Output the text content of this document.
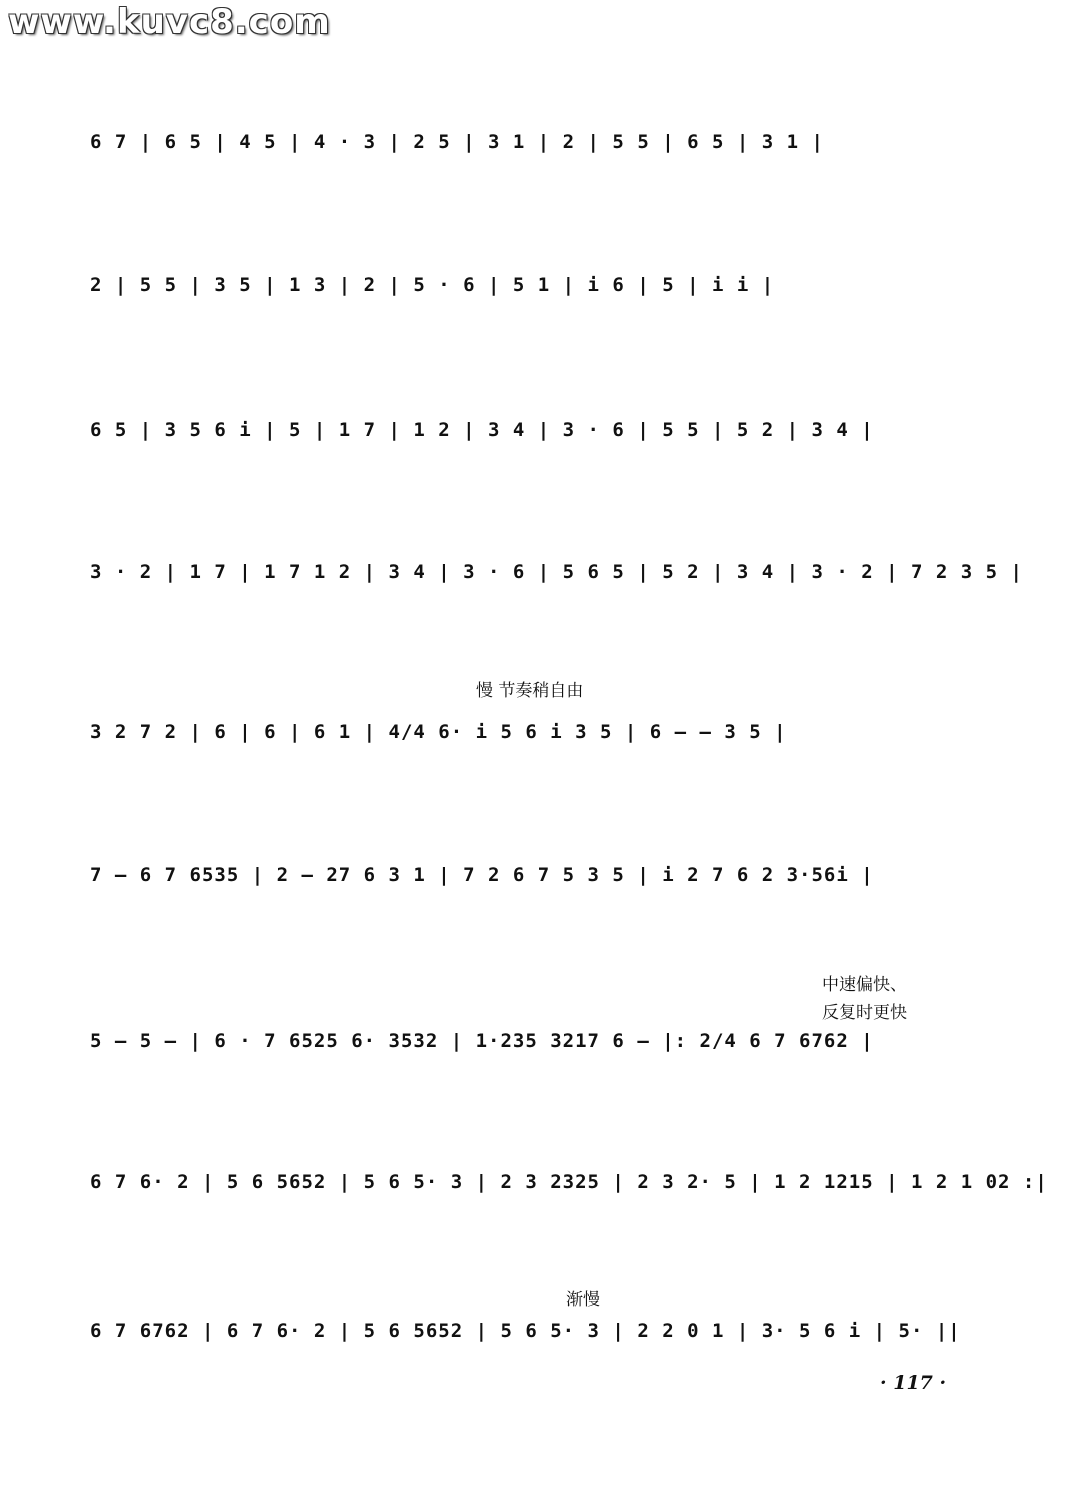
www.kuvc8.com
6 7 | 6 5 | 4 5 | 4 · 3 | 2 5 | 3 1 | 2 | 5 5 | 6 5 | 3 1 |
2 | 5 5 | 3 5 | 1 3 | 2 | 5 · 6 | 5 1 | i 6 | 5 | i i |
6 5 | 3 5 6 i | 5 | 1 7 | 1 2 | 3 4 | 3 · 6 | 5 5 | 5 2 | 3 4 |
3 · 2 | 1 7 | 1 7 1 2 | 3 4 | 3 · 6 | 5 6 5 | 5 2 | 3 4 | 3 · 2 | 7 2 3 5 |
慢 节奏稍自由
3 2 7 2 | 6 | 6 | 6 1 | 4/4 6· i 5 6 i 3 5 | 6 – – 3 5 |
7 – 6 7 6535 | 2 – 27 6 3 1 | 7 2 6 7 5 3 5 | i 2 7 6 2 3·56i |
中速偏快、
反复时更快
5 – 5 – | 6 · 7 6525 6· 3532 | 1·235 3217 6 – |: 2/4 6 7 6762 |
6 7 6· 2 | 5 6 5652 | 5 6 5· 3 | 2 3 2325 | 2 3 2· 5 | 1 2 1215 | 1 2 1 02 :|
渐慢
6 7 6762 | 6 7 6· 2 | 5 6 5652 | 5 6 5· 3 | 2 2 0 1 | 3· 5 6 i | 5· ||
· 117 ·
